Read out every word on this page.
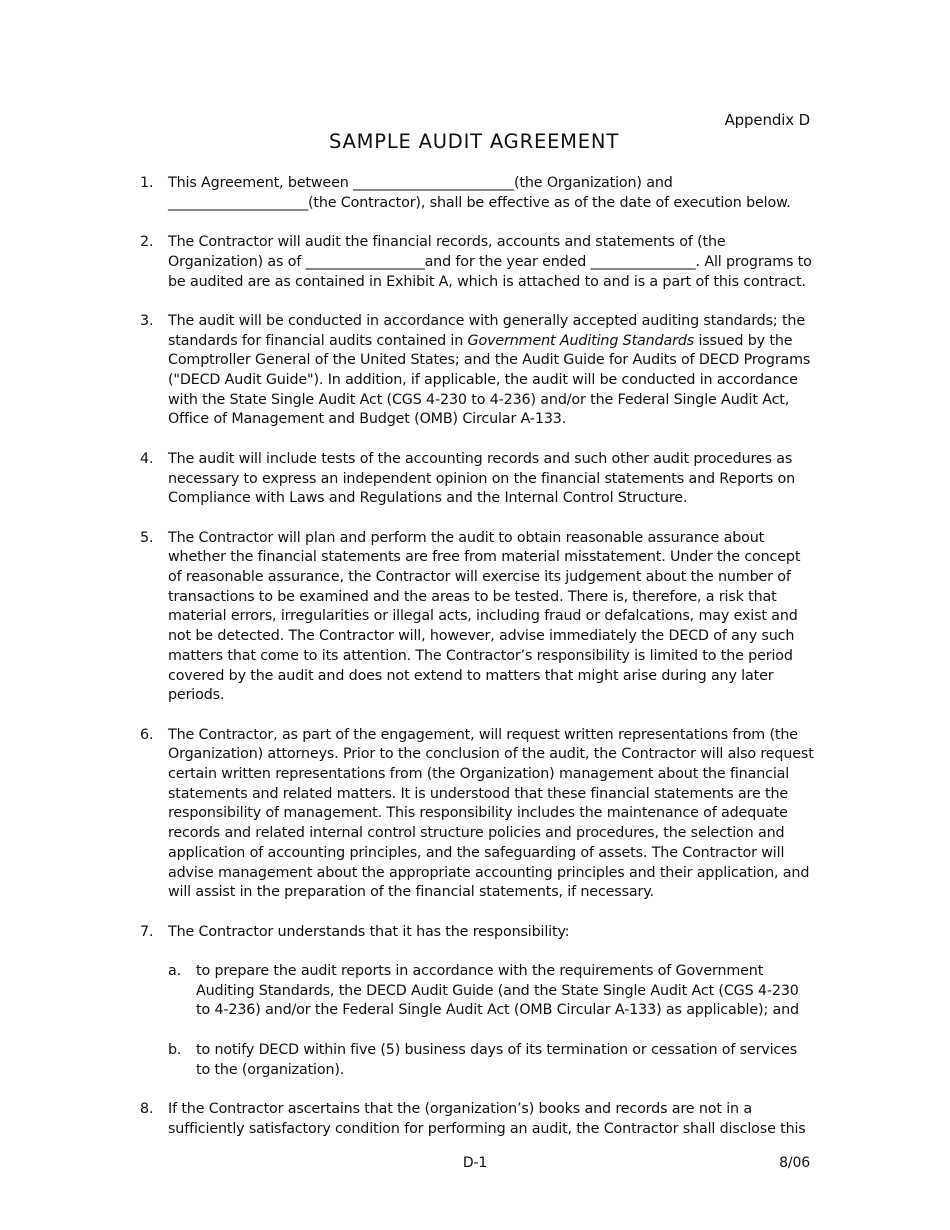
Appendix D
SAMPLE AUDIT AGREEMENT
1. This Agreement, between _______________________(the Organization) and ____________________(the Contractor), shall be effective as of the date of execution below.
2. The Contractor will audit the financial records, accounts and statements of (the Organization) as of _________________and for the year ended _______________. All programs to be audited are as contained in Exhibit A, which is attached to and is a part of this contract.
3. The audit will be conducted in accordance with generally accepted auditing standards; the standards for financial audits contained in Government Auditing Standards issued by the Comptroller General of the United States; and the Audit Guide for Audits of DECD Programs ("DECD Audit Guide"). In addition, if applicable, the audit will be conducted in accordance with the State Single Audit Act (CGS 4-230 to 4-236) and/or the Federal Single Audit Act, Office of Management and Budget (OMB) Circular A-133.
4. The audit will include tests of the accounting records and such other audit procedures as necessary to express an independent opinion on the financial statements and Reports on Compliance with Laws and Regulations and the Internal Control Structure.
5. The Contractor will plan and perform the audit to obtain reasonable assurance about whether the financial statements are free from material misstatement. Under the concept of reasonable assurance, the Contractor will exercise its judgement about the number of transactions to be examined and the areas to be tested. There is, therefore, a risk that material errors, irregularities or illegal acts, including fraud or defalcations, may exist and not be detected. The Contractor will, however, advise immediately the DECD of any such matters that come to its attention. The Contractor’s responsibility is limited to the period covered by the audit and does not extend to matters that might arise during any later periods.
6. The Contractor, as part of the engagement, will request written representations from (the Organization) attorneys. Prior to the conclusion of the audit, the Contractor will also request certain written representations from (the Organization) management about the financial statements and related matters. It is understood that these financial statements are the responsibility of management. This responsibility includes the maintenance of adequate records and related internal control structure policies and procedures, the selection and application of accounting principles, and the safeguarding of assets. The Contractor will advise management about the appropriate accounting principles and their application, and will assist in the preparation of the financial statements, if necessary.
7. The Contractor understands that it has the responsibility:
a. to prepare the audit reports in accordance with the requirements of Government Auditing Standards, the DECD Audit Guide (and the State Single Audit Act (CGS 4-230 to 4-236) and/or the Federal Single Audit Act (OMB Circular A-133) as applicable); and
b. to notify DECD within five (5) business days of its termination or cessation of services to the (organization).
8. If the Contractor ascertains that the (organization’s) books and records are not in a sufficiently satisfactory condition for performing an audit, the Contractor shall disclose this
D-1	8/06
